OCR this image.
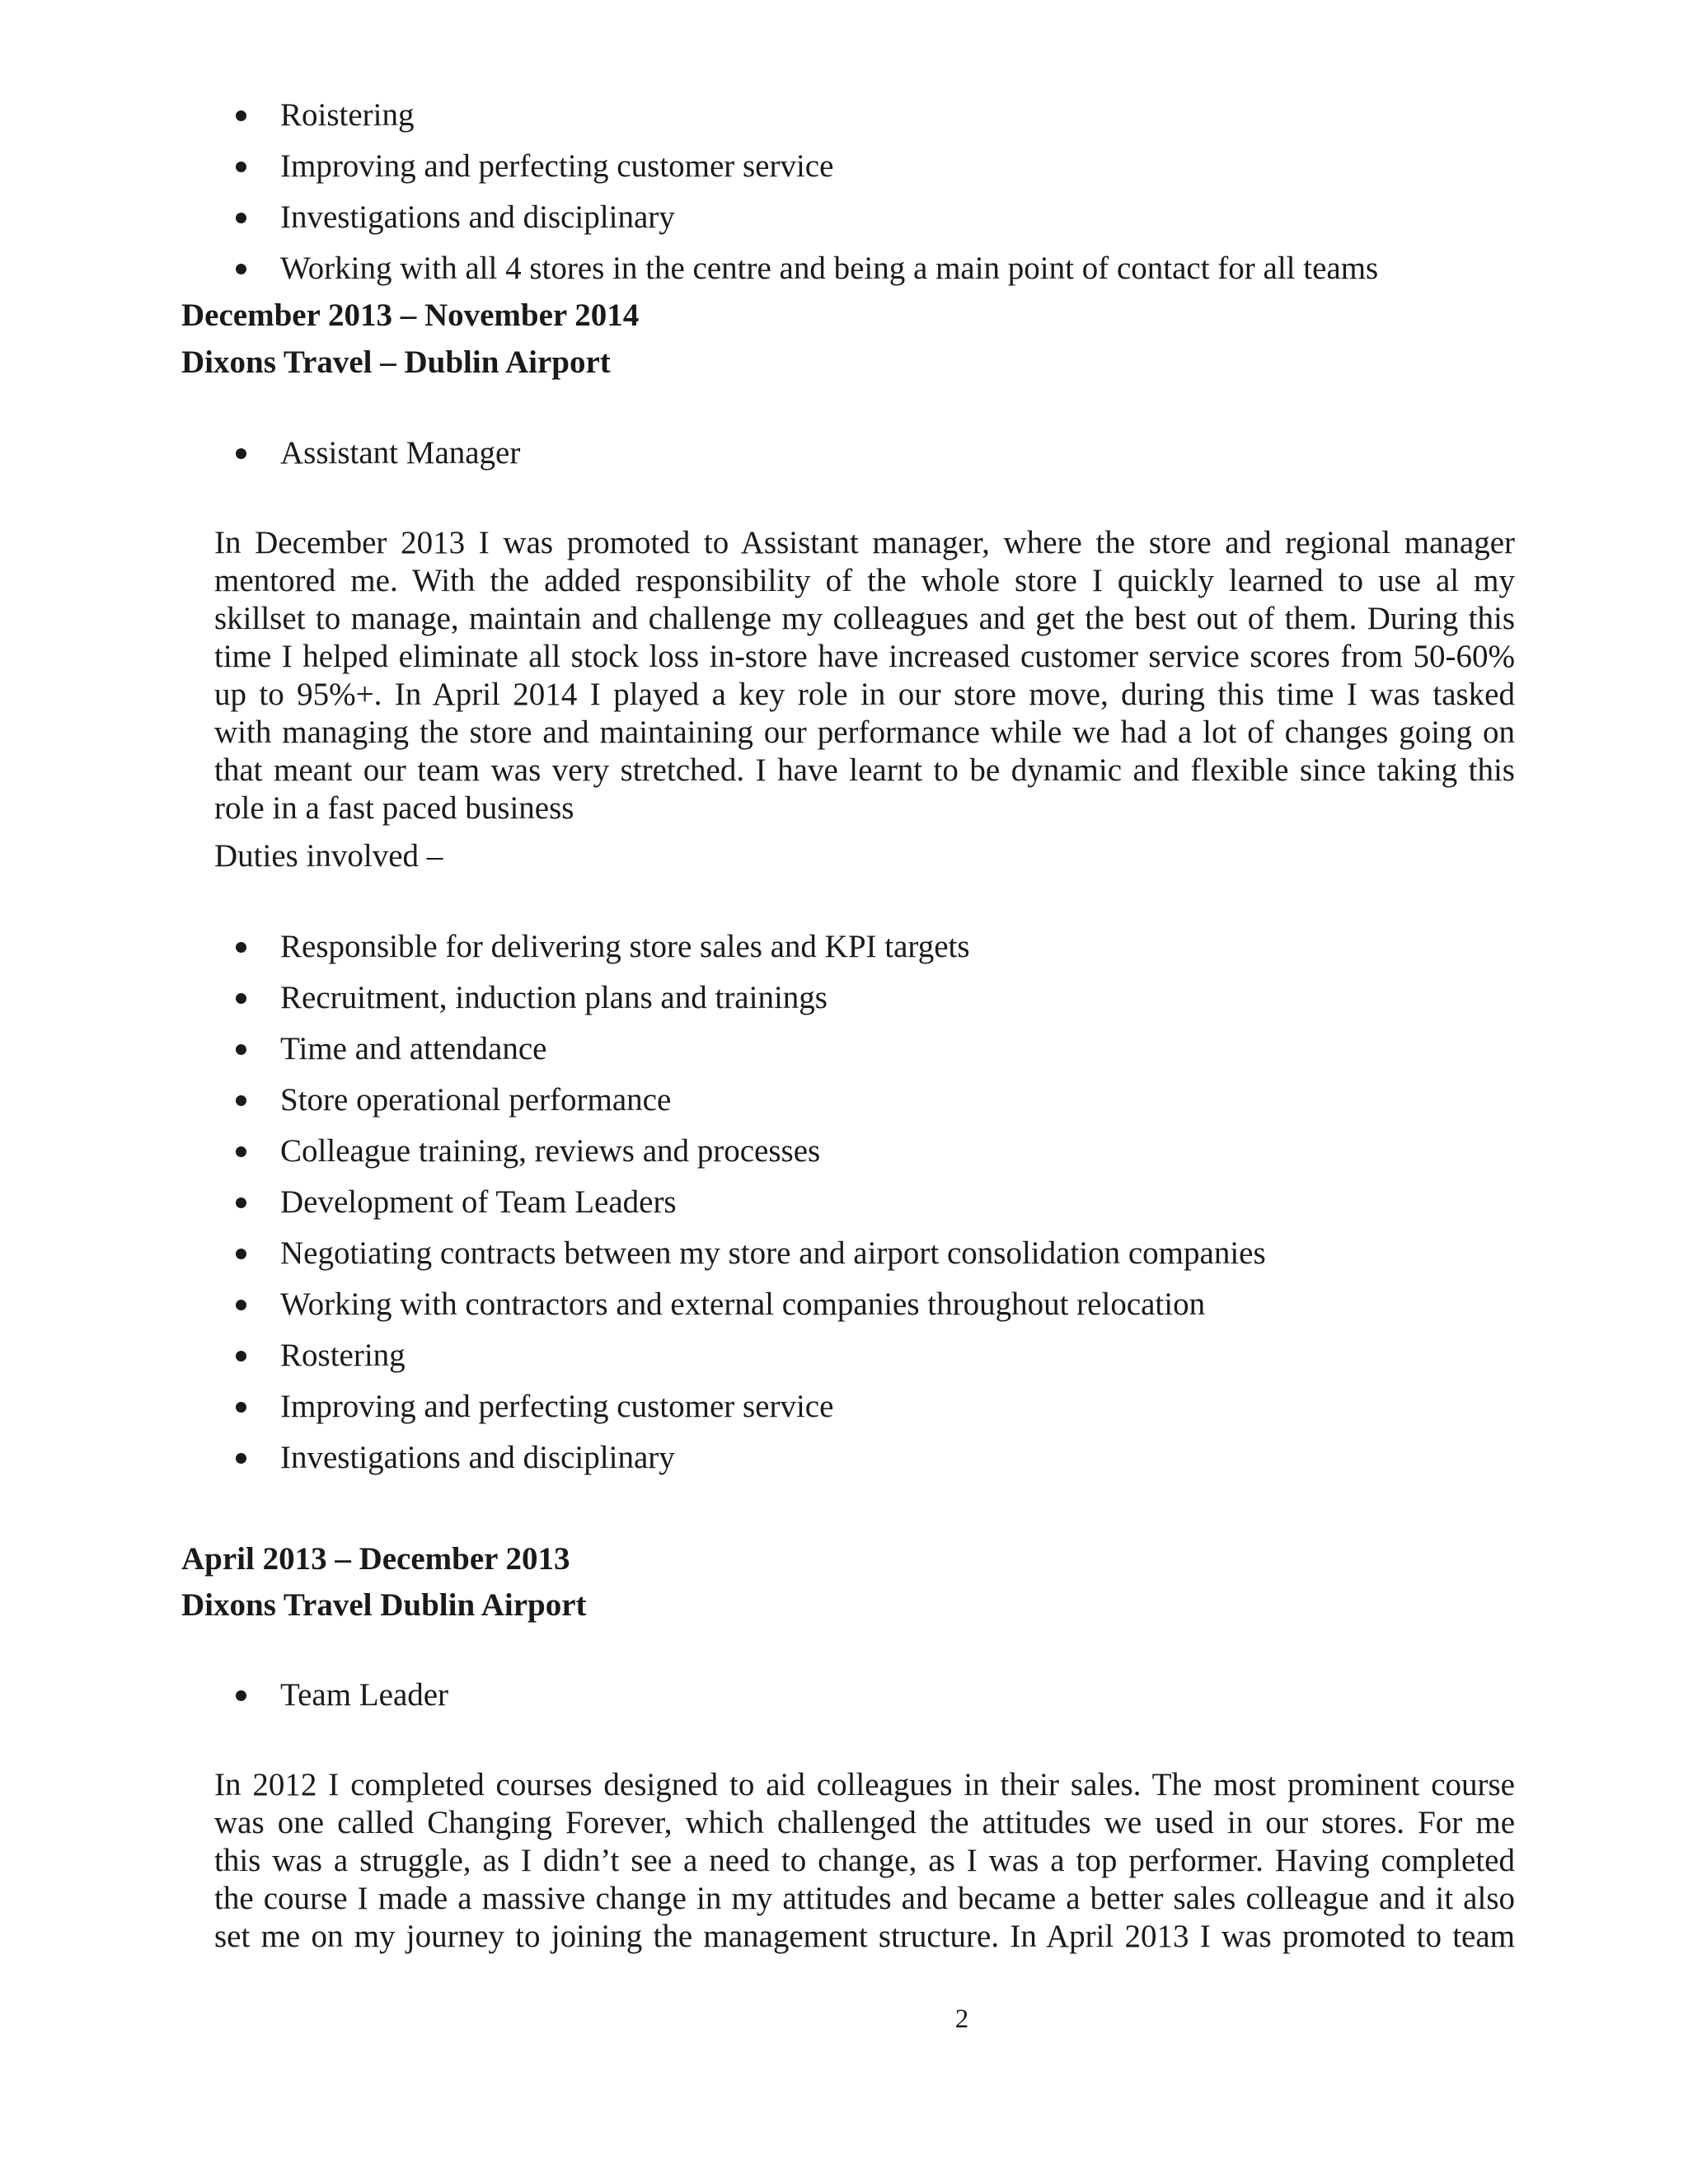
Roistering
Improving and perfecting customer service
Investigations and disciplinary
Working with all 4 stores in the centre and being a main point of contact for all teams
December 2013 – November 2014
Dixons Travel – Dublin Airport
Assistant Manager
In December 2013 I was promoted to Assistant manager, where the store and regional manager
mentored me. With the added responsibility of the whole store I quickly learned to use al my
skillset to manage, maintain and challenge my colleagues and get the best out of them. During this
time I helped eliminate all stock loss in-store have increased customer service scores from 50-60%
up to 95%+. In April 2014 I played a key role in our store move, during this time I was tasked
with managing the store and maintaining our performance while we had a lot of changes going on
that meant our team was very stretched. I have learnt to be dynamic and flexible since taking this
role in a fast paced business
Duties involved –
Responsible for delivering store sales and KPI targets
Recruitment, induction plans and trainings
Time and attendance
Store operational performance
Colleague training, reviews and processes
Development of Team Leaders
Negotiating contracts between my store and airport consolidation companies
Working with contractors and external companies throughout relocation
Rostering
Improving and perfecting customer service
Investigations and disciplinary
April 2013 – December 2013
Dixons Travel Dublin Airport
Team Leader
In 2012 I completed courses designed to aid colleagues in their sales. The most prominent course
was one called Changing Forever, which challenged the attitudes we used in our stores. For me
this was a struggle, as I didn’t see a need to change, as I was a top performer. Having completed
the course I made a massive change in my attitudes and became a better sales colleague and it also
set me on my journey to joining the management structure. In April 2013 I was promoted to team
2
